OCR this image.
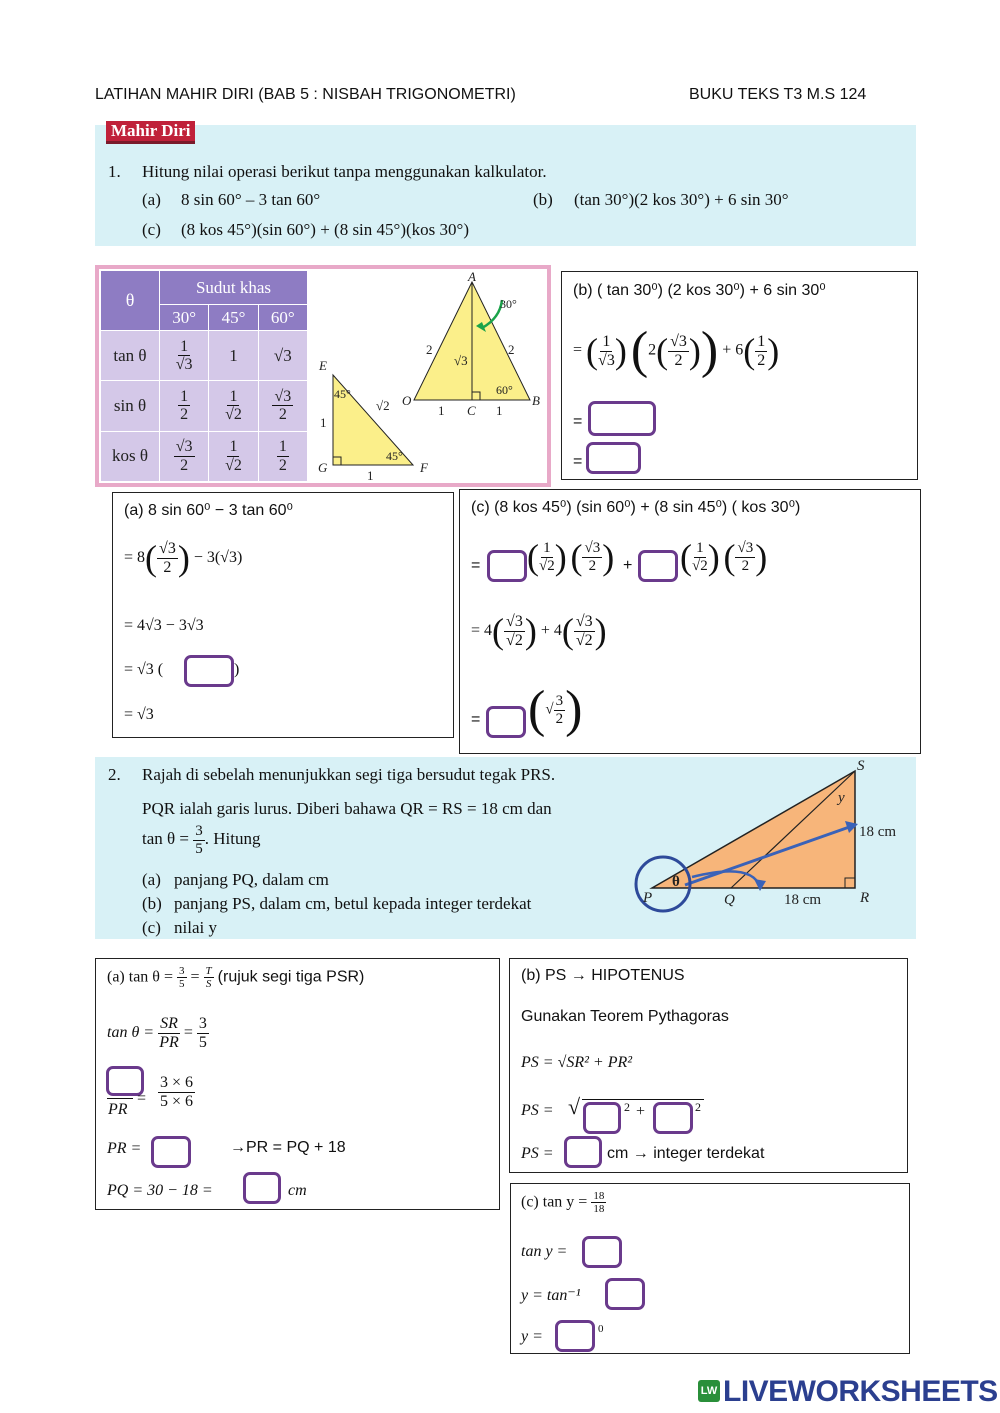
LATIHAN MAHIR DIRI (BAB 5 : NISBAH TRIGONOMETRI)	BUKU TEKS T3 M.S 124
Mahir Diri
1. Hitung nilai operasi berikut tanpa menggunakan kalkulator.
(a) 8 sin 60° – 3 tan 60°	(b) (tan 30°)(2 kos 30°) + 6 sin 30°
(c) (8 kos 45°)(sin 60°) + (8 sin 45°)(kos 30°)
θ	Sudut khas		
	30°	45°	60°
tan θ	$\frac{1}{√3}$	1	√3
sin θ	$\frac{1}{2}$	$\frac{1}{√2}$	$\frac{√3}{2}$

kos θ	$\frac{√3}{2}$	$\frac{1}{√2}$	$\frac{1}{2}$
E
G	F
45°
45°
√2
1
1
A
O
C
B
30°
60°
2	2
√3
1	1
(b) ( tan 30⁰) (2 kos 30⁰) + 6 sin 30⁰
= ( $\frac{1}{√3}$ ) ($2( \frac{√3}{2}$ )) + $6( \frac{1}{2}$ )
=
=
(a) 8 sin 60⁰ − 3 tan 60⁰
= $8( \frac{√3}{2}$ ) − 3(√3)
= 4√3 − 3√3
= √3 (	)
= √3
(c) (8 kos 45⁰) (sin 60⁰) + (8 sin 45⁰) ( kos 30⁰)
= ( $\frac{1}{√2}$ ) ( $\frac{√3}{2}$ ) + ( $\frac{1}{√2}$ ) ( $\frac{√3}{2}$ )
= $4( \frac{√3}{√2}$ ) + $4( \frac{√3}{√2}$ )
= (√ $\frac{3}{2}$ )
2. Rajah di sebelah menunjukkan segi tiga bersudut tegak PRS.
PQR ialah garis lurus. Diberi bahawa QR = RS = 18 cm dan
$\tan \theta = \frac{3}{5}$ . Hitung
(a) panjang PQ, dalam cm
(b) panjang PS, dalam cm, betul kepada integer terdekat
(c) nilai y
S
y
18 cm
P
θ
Q	18 cm	R
(a) $\tan \theta = \frac{3}{5} = \frac{T}{S}$ (rujuk segi tiga PSR)
$\tan \theta = \frac{SR}{PR} = \frac{3}{5}$
PR
= $\frac{3 \times 6}{5 \times 6}$
PR =	→PR = PQ + 18
PQ = 30 − 18 =	cm
(b) PS → HIPOTENUS
Gunakan Teorem Pythagoras
PS = √SR² + PR²
PS = √	2 +	2
PS =	cm → integer terdekat
(c) $\tan y = \frac{18}{18}$
tan y =
y = tan⁻¹
y =	0
LW LIVEWORKSHEETS
